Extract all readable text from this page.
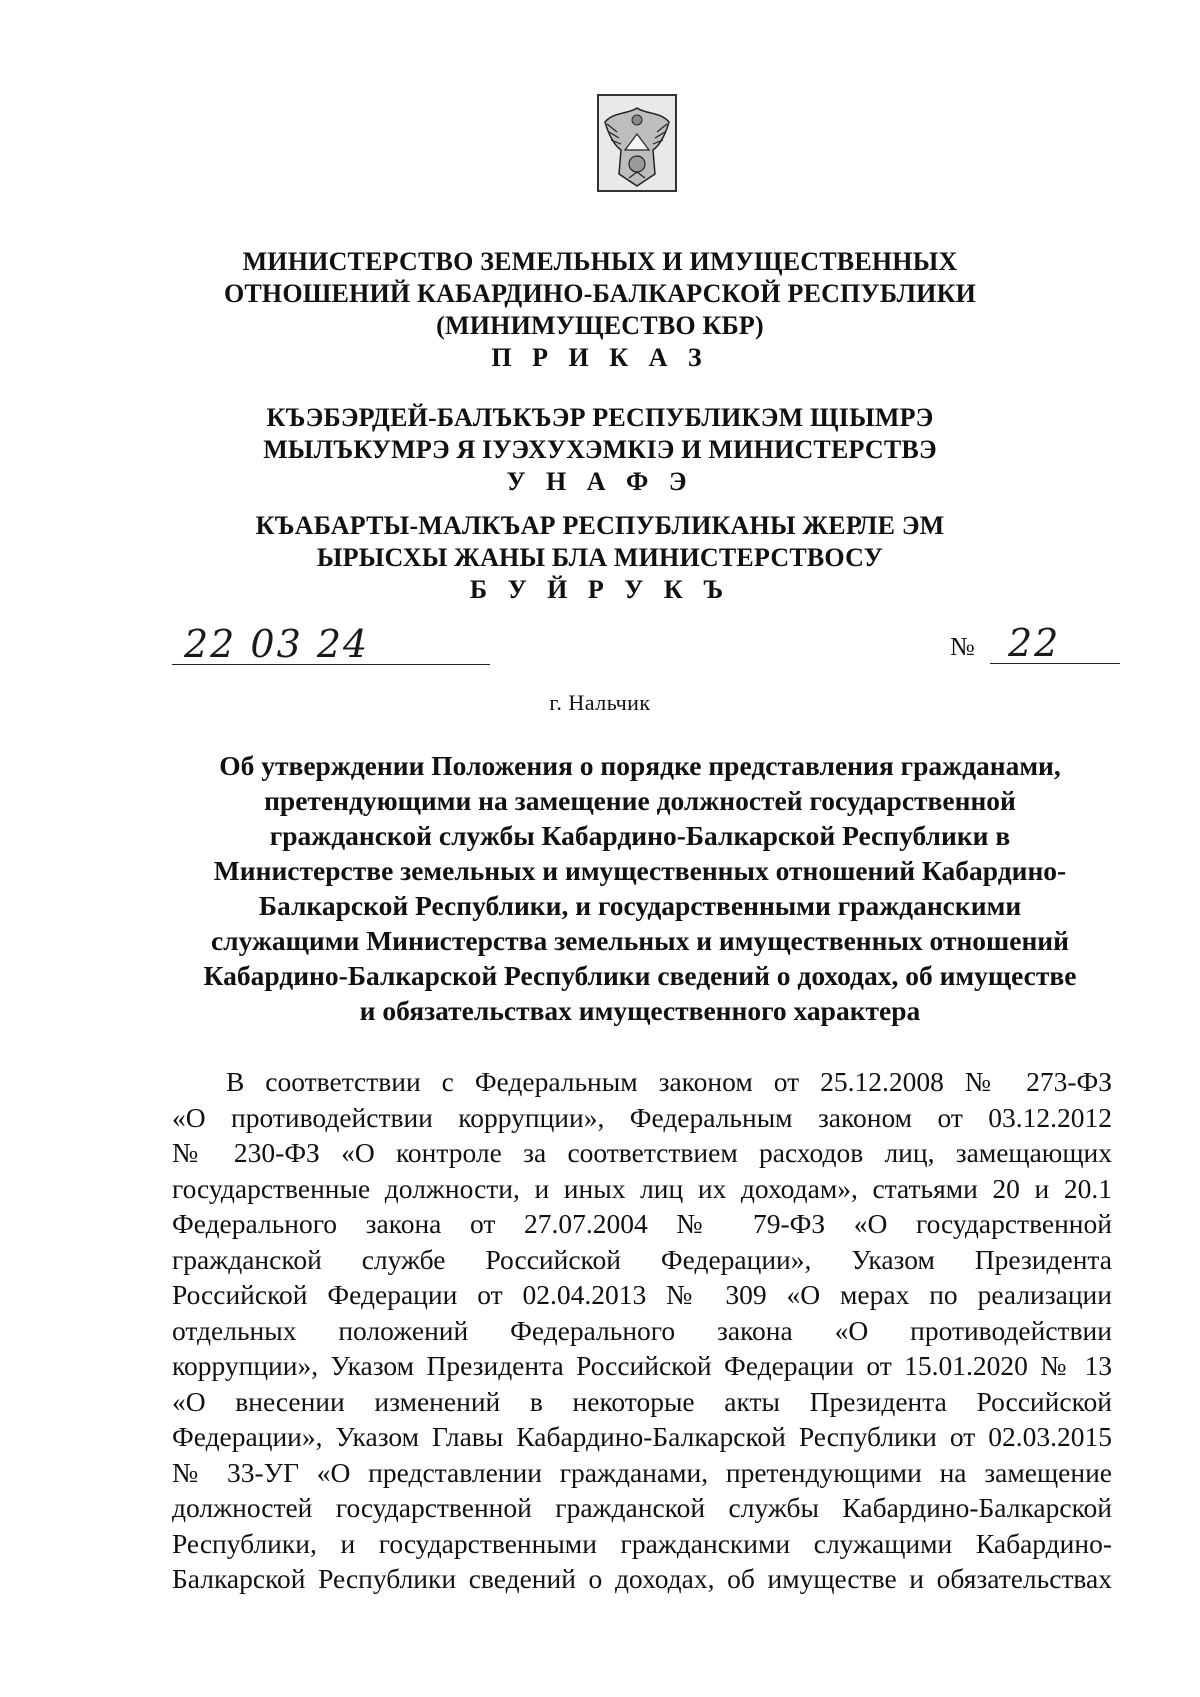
МИНИСТЕРСТВО ЗЕМЕЛЬНЫХ И ИМУЩЕСТВЕННЫХ
ОТНОШЕНИЙ КАБАРДИНО-БАЛКАРСКОЙ РЕСПУБЛИКИ
(МИНИМУЩЕСТВО КБР)
П Р И К А З
КЪЭБЭРДЕЙ-БАЛЪКЪЭР РЕСПУБЛИКЭМ ЩIЫМРЭ
МЫЛЪКУМРЭ Я IУЭХУХЭМКIЭ И МИНИСТЕРСТВЭ
У Н А Ф Э
КЪАБАРТЫ-МАЛКЪАР РЕСПУБЛИКАНЫ ЖЕРЛЕ ЭМ
ЫРЫСХЫ ЖАНЫ БЛА МИНИСТЕРСТВОСУ
Б У Й Р У К Ъ
22 03 24	№ 22
г. Нальчик
Об утверждении Положения о порядке представления гражданами,
претендующими на замещение должностей государственной
гражданской службы Кабардино-Балкарской Республики в
Министерстве земельных и имущественных отношений Кабардино-
Балкарской Республики, и государственными гражданскими
служащими Министерства земельных и имущественных отношений
Кабардино-Балкарской Республики сведений о доходах, об имуществе
и обязательствах имущественного характера
В соответствии с Федеральным законом от 25.12.2008 № 273-ФЗ
«О противодействии коррупции», Федеральным законом от 03.12.2012
№ 230-ФЗ «О контроле за соответствием расходов лиц, замещающих
государственные должности, и иных лиц их доходам», статьями 20 и 20.1
Федерального закона от 27.07.2004 № 79-ФЗ «О государственной
гражданской службе Российской Федерации», Указом Президента
Российской Федерации от 02.04.2013 № 309 «О мерах по реализации
отдельных положений Федерального закона «О противодействии
коррупции», Указом Президента Российской Федерации от 15.01.2020 № 13
«О внесении изменений в некоторые акты Президента Российской
Федерации», Указом Главы Кабардино-Балкарской Республики от 02.03.2015
№ 33-УГ «О представлении гражданами, претендующими на замещение
должностей государственной гражданской службы Кабардино-Балкарской
Республики, и государственными гражданскими служащими Кабардино-
Балкарской Республики сведений о доходах, об имуществе и обязательствах
